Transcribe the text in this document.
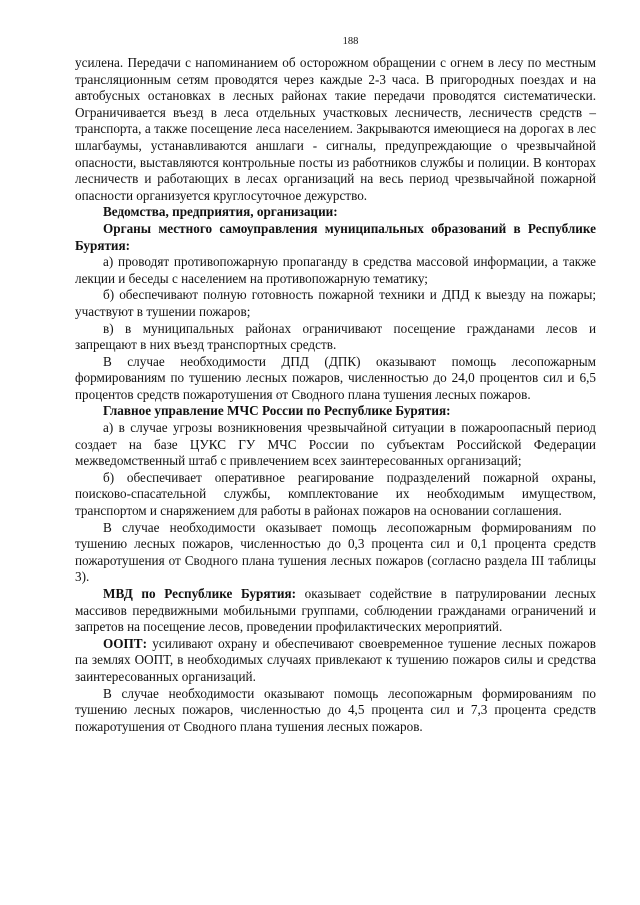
188

усилена. Передачи с напоминанием об осторожном обращении с огнем в лесу по местным трансляционным сетям проводятся через каждые 2-3 часа. В пригородных поездах и на автобусных остановках в лесных районах такие передачи проводятся систематически. Ограничивается въезд в леса отдельных участковых лесничеств, лесничеств средств – транспорта, а также посещение леса населением. Закрываются имеющиеся на дорогах в лес шлагбаумы, устанавливаются аншлаги - сигналы, предупреждающие о чрезвычайной опасности, выставляются контрольные посты из работников службы и полиции. В конторах лесничеств и работающих в лесах организаций на весь период чрезвычайной пожарной опасности организуется круглосуточное дежурство.

Ведомства, предприятия, организации:

Органы местного самоуправления муниципальных образований в Республике Бурятия:

а) проводят противопожарную пропаганду в средства массовой информации, а также лекции и беседы с населением на противопожарную тематику;

б) обеспечивают полную готовность пожарной техники и ДПД к выезду на пожары; участвуют в тушении пожаров;

в) в муниципальных районах ограничивают посещение гражданами лесов и запрещают в них въезд транспортных средств.

В случае необходимости ДПД (ДПК) оказывают помощь лесопожарным формированиям по тушению лесных пожаров, численностью до 24,0 процентов сил и 6,5 процентов средств пожаротушения от Сводного плана тушения лесных пожаров.

Главное управление МЧС России по Республике Бурятия:

а) в случае угрозы возникновения чрезвычайной ситуации в пожароопасный период создает на базе ЦУКС ГУ МЧС России по субъектам Российской Федерации межведомственный штаб с привлечением всех заинтересованных организаций;

б) обеспечивает оперативное реагирование подразделений пожарной охраны, поисково-спасательной службы, комплектование их необходимым имуществом, транспортом и снаряжением для работы в районах пожаров на основании соглашения.

В случае необходимости оказывает помощь лесопожарным формированиям по тушению лесных пожаров, численностью до 0,3 процента сил и 0,1 процента средств пожаротушения от Сводного плана тушения лесных пожаров (согласно раздела III таблицы 3).

МВД по Республике Бурятия: оказывает содействие в патрулировании лесных массивов передвижными мобильными группами, соблюдении гражданами ограничений и запретов на посещение лесов, проведении профилактических мероприятий.

ООПТ: усиливают охрану и обеспечивают своевременное тушение лесных пожаров па землях ООПТ, в необходимых случаях привлекают к тушению пожаров силы и средства заинтересованных организаций.

В случае необходимости оказывают помощь лесопожарным формированиям по тушению лесных пожаров, численностью до 4,5 процента сил и 7,3 процента средств пожаротушения от Сводного плана тушения лесных пожаров.
